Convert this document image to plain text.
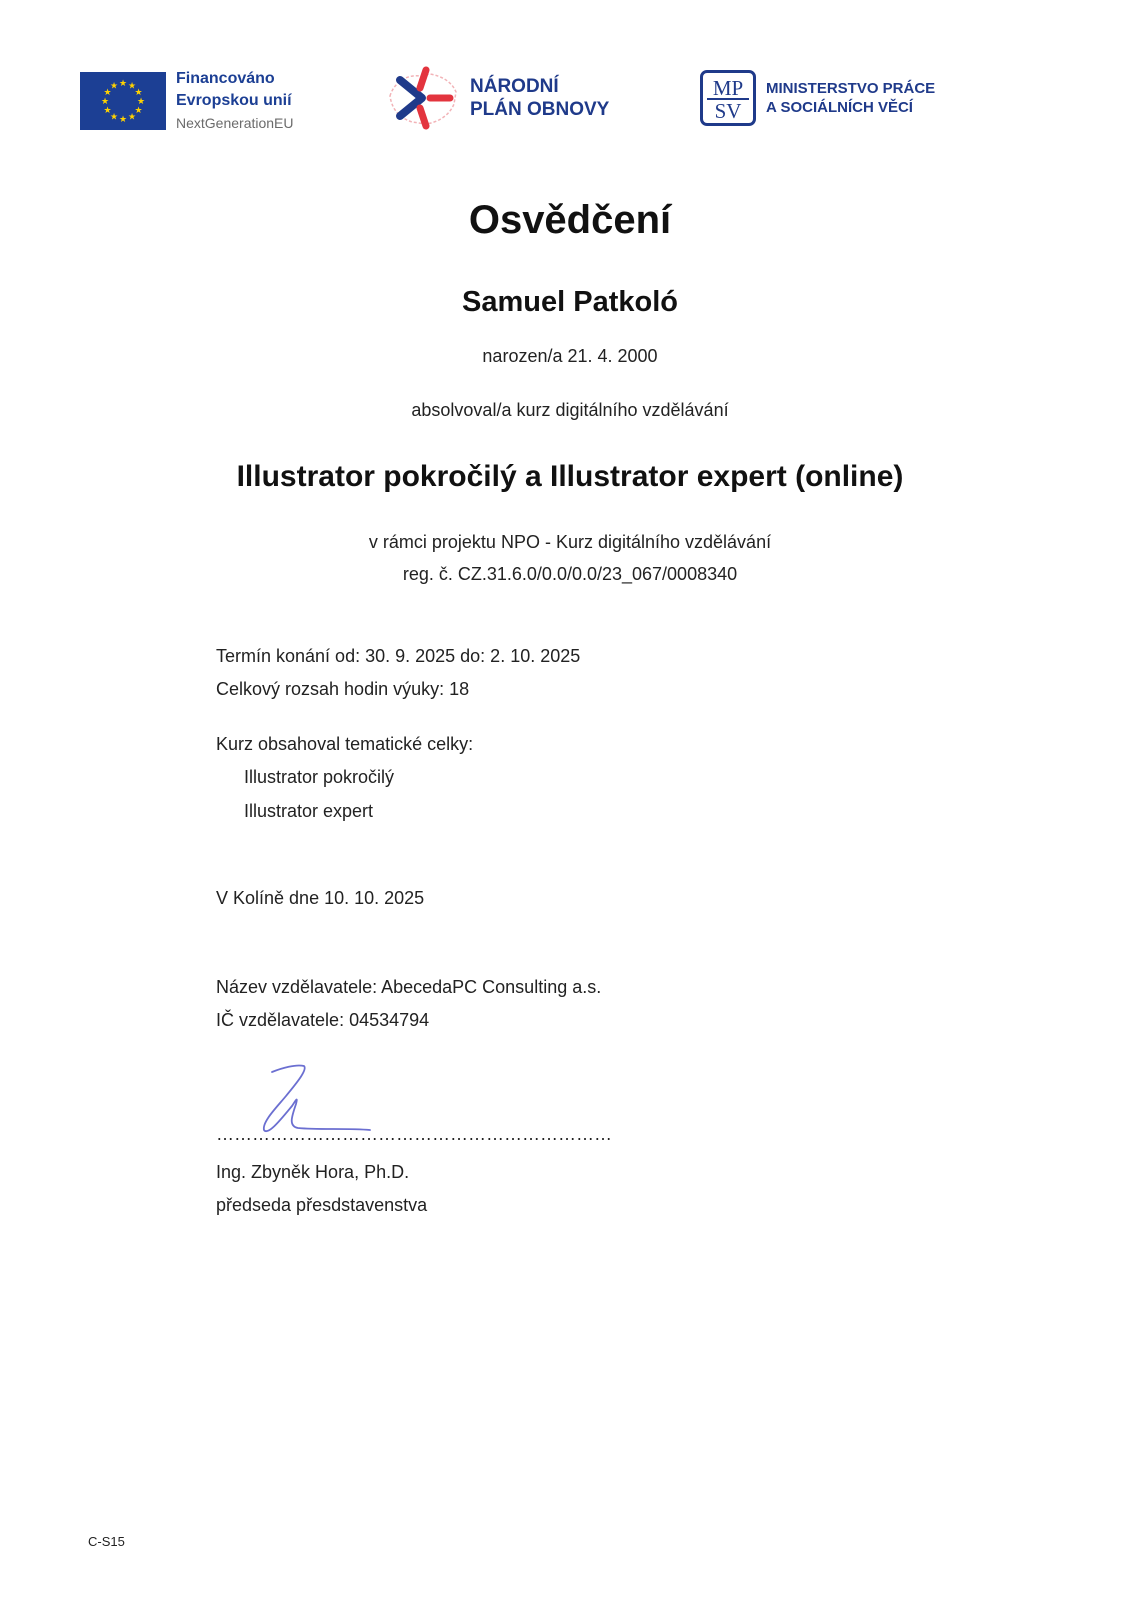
★ ★
★
★
★
★
★
★
★
★
★
★	Financováno
Evropskou unií
NextGenerationEU
NÁRODNÍ
PLÁN OBNOVY
MP
SV
MINISTERSTVO PRÁCE
A SOCIÁLNÍCH VĚCÍ
Osvědčení
Samuel Patkoló
narozen/a 21. 4. 2000
absolvoval/a kurz digitálního vzdělávání
Illustrator pokročilý a Illustrator expert (online)
v rámci projektu NPO - Kurz digitálního vzdělávání
reg. č. CZ.31.6.0/0.0/0.0/23_067/0008340
Termín konání od: 30. 9. 2025 do: 2. 10. 2025
Celkový rozsah hodin výuky: 18
Kurz obsahoval tematické celky:
Illustrator pokročilý
Illustrator expert
V Kolíně dne 10. 10. 2025
Název vzdělavatele: AbecedaPC Consulting a.s.
IČ vzdělavatele: 04534794
…………………………………………………………
Ing. Zbyněk Hora, Ph.D.
předseda přesdstavenstva
C-S15
